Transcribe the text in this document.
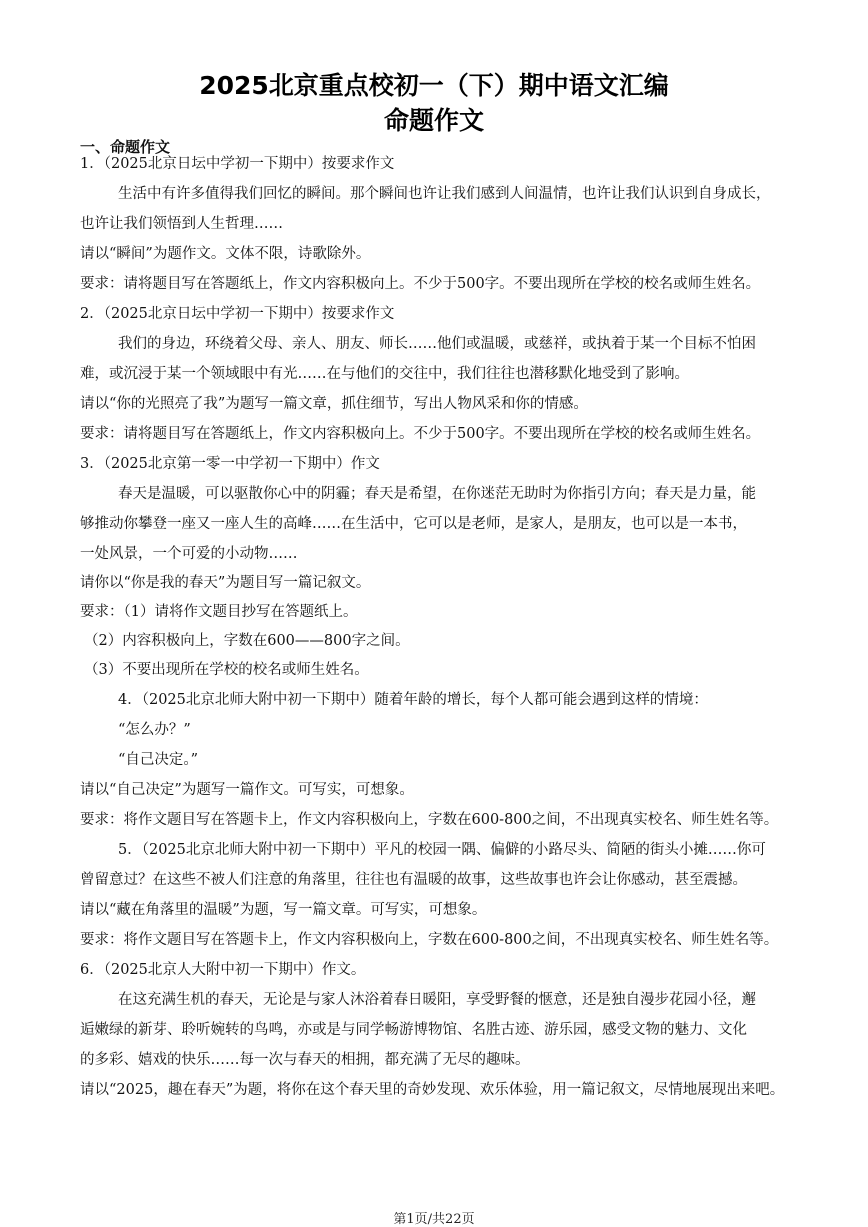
2025北京重点校初一（下）期中语文汇编
命题作文
一、命题作文
1．（2025北京日坛中学初一下期中）按要求作文
生活中有许多值得我们回忆的瞬间。那个瞬间也许让我们感到人间温情，也许让我们认识到自身成长，
也许让我们领悟到人生哲理……
请以“瞬间”为题作文。文体不限，诗歌除外。
要求：请将题目写在答题纸上，作文内容积极向上。不少于500字。不要出现所在学校的校名或师生姓名。
2．（2025北京日坛中学初一下期中）按要求作文
我们的身边，环绕着父母、亲人、朋友、师长……他们或温暖，或慈祥，或执着于某一个目标不怕困
难，或沉浸于某一个领域眼中有光……在与他们的交往中，我们往往也潜移默化地受到了影响。
请以“你的光照亮了我”为题写一篇文章，抓住细节，写出人物风采和你的情感。
要求：请将题目写在答题纸上，作文内容积极向上。不少于500字。不要出现所在学校的校名或师生姓名。
3．（2025北京第一零一中学初一下期中）作文
春天是温暖，可以驱散你心中的阴霾；春天是希望，在你迷茫无助时为你指引方向；春天是力量，能
够推动你攀登一座又一座人生的高峰……在生活中，它可以是老师，是家人，是朋友，也可以是一本书，
一处风景，一个可爱的小动物……
请你以“你是我的春天”为题目写一篇记叙文。
要求：（1）请将作文题目抄写在答题纸上。
（2）内容积极向上，字数在600——800字之间。
（3）不要出现所在学校的校名或师生姓名。
4．（2025北京北师大附中初一下期中）随着年龄的增长，每个人都可能会遇到这样的情境：
“怎么办？”
“自己决定。”
请以“自己决定”为题写一篇作文。可写实，可想象。
要求：将作文题目写在答题卡上，作文内容积极向上，字数在600-800之间，不出现真实校名、师生姓名等。
5．（2025北京北师大附中初一下期中）平凡的校园一隅、偏僻的小路尽头、简陋的街头小摊……你可
曾留意过？在这些不被人们注意的角落里，往往也有温暖的故事，这些故事也许会让你感动，甚至震撼。
请以“藏在角落里的温暖”为题，写一篇文章。可写实，可想象。
要求：将作文题目写在答题卡上，作文内容积极向上，字数在600-800之间，不出现真实校名、师生姓名等。
6．（2025北京人大附中初一下期中）作文。
在这充满生机的春天，无论是与家人沐浴着春日暖阳，享受野餐的惬意，还是独自漫步花园小径，邂
逅嫩绿的新芽、聆听婉转的鸟鸣，亦或是与同学畅游博物馆、名胜古迹、游乐园，感受文物的魅力、文化
的多彩、嬉戏的快乐……每一次与春天的相拥，都充满了无尽的趣味。
请以“2025，趣在春天”为题，将你在这个春天里的奇妙发现、欢乐体验，用一篇记叙文，尽情地展现出来吧。
第1页/共22页
